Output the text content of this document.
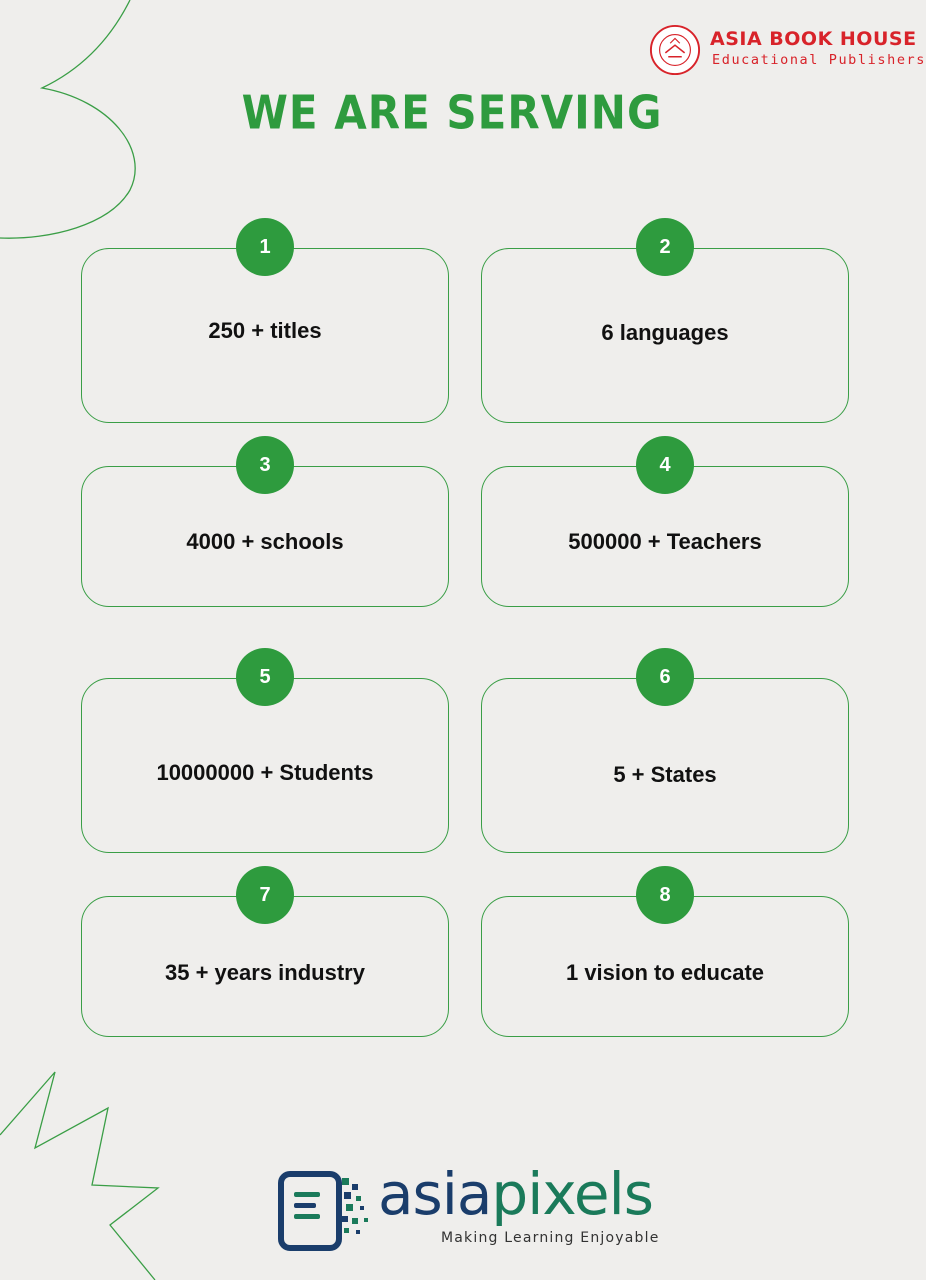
ASIA BOOK HOUSE
Educational Publishers
WE ARE SERVING
250 + titles
1
6 languages
2
4000 + schools
3
500000 + Teachers
4
10000000 + Students
5
5 + States
6
35 + years industry
7
1 vision to educate
8
asiapixels
Making Learning Enjoyable
